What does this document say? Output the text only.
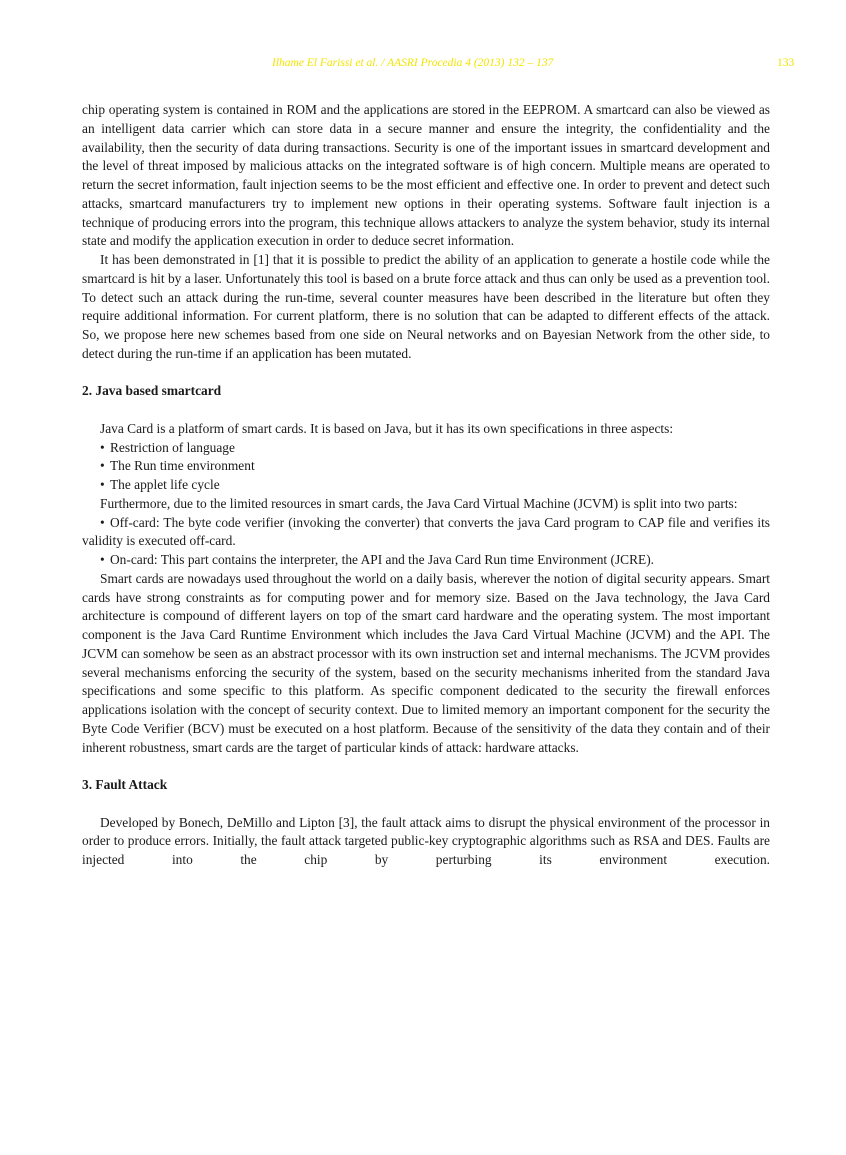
Ilhame El Farissi et al. / AASRI Procedia 4 (2013) 132 – 137	133

chip operating system is contained in ROM and the applications are stored in the EEPROM. A smartcard can also be viewed as an intelligent data carrier which can store data in a secure manner and ensure the integrity, the confidentiality and the availability, then the security of data during transactions. Security is one of the important issues in smartcard development and the level of threat imposed by malicious attacks on the integrated software is of high concern. Multiple means are operated to return the secret information, fault injection seems to be the most efficient and effective one. In order to prevent and detect such attacks, smartcard manufacturers try to implement new options in their operating systems. Software fault injection is a technique of producing errors into the program, this technique allows attackers to analyze the system behavior, study its internal state and modify the application execution in order to deduce secret information.

It has been demonstrated in [1] that it is possible to predict the ability of an application to generate a hostile code while the smartcard is hit by a laser. Unfortunately this tool is based on a brute force attack and thus can only be used as a prevention tool. To detect such an attack during the run-time, several counter measures have been described in the literature but often they require additional information. For current platform, there is no solution that can be adapted to different effects of the attack. So, we propose here new schemes based from one side on Neural networks and on Bayesian Network from the other side, to detect during the run-time if an application has been mutated.

2. Java based smartcard

Java Card is a platform of smart cards. It is based on Java, but it has its own specifications in three aspects:

• Restriction of language

• The Run time environment

• The applet life cycle

Furthermore, due to the limited resources in smart cards, the Java Card Virtual Machine (JCVM) is split into two parts:

• Off-card: The byte code verifier (invoking the converter) that converts the java Card program to CAP file and verifies its validity is executed off-card.

• On-card: This part contains the interpreter, the API and the Java Card Run time Environment (JCRE).

Smart cards are nowadays used throughout the world on a daily basis, wherever the notion of digital security appears. Smart cards have strong constraints as for computing power and for memory size. Based on the Java technology, the Java Card architecture is compound of different layers on top of the smart card hardware and the operating system. The most important component is the Java Card Runtime Environment which includes the Java Card Virtual Machine (JCVM) and the API. The JCVM can somehow be seen as an abstract processor with its own instruction set and internal mechanisms. The JCVM provides several mechanisms enforcing the security of the system, based on the security mechanisms inherited from the standard Java specifications and some specific to this platform. As specific component dedicated to the security the firewall enforces applications isolation with the concept of security context. Due to limited memory an important component for the security the Byte Code Verifier (BCV) must be executed on a host platform. Because of the sensitivity of the data they contain and of their inherent robustness, smart cards are the target of particular kinds of attack: hardware attacks.

3. Fault Attack

Developed by Bonech, DeMillo and Lipton [3], the fault attack aims to disrupt the physical environment of the processor in order to produce errors. Initially, the fault attack targeted public-key cryptographic algorithms such as RSA and DES. Faults are injected into the chip by perturbing its environment execution.
